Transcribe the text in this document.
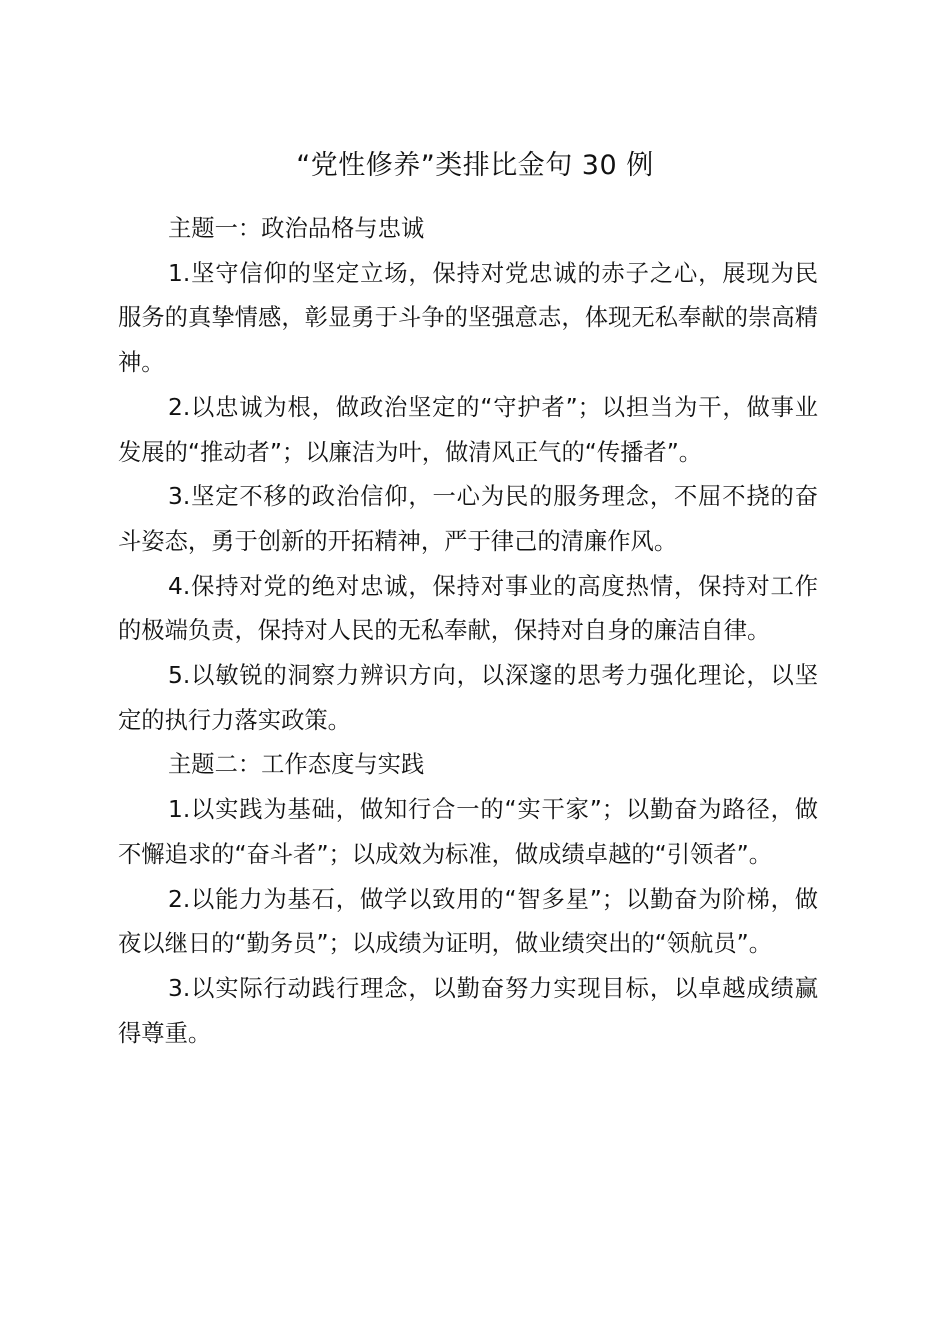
“党性修养”类排比金句 30 例

主题一：政治品格与忠诚

1.坚守信仰的坚定立场，保持对党忠诚的赤子之心，展现为民服务的真挚情感，彰显勇于斗争的坚强意志，体现无私奉献的崇高精神。

2.以忠诚为根，做政治坚定的“守护者”；以担当为干，做事业发展的“推动者”；以廉洁为叶，做清风正气的“传播者”。

3.坚定不移的政治信仰，一心为民的服务理念，不屈不挠的奋斗姿态，勇于创新的开拓精神，严于律己的清廉作风。

4.保持对党的绝对忠诚，保持对事业的高度热情，保持对工作的极端负责，保持对人民的无私奉献，保持对自身的廉洁自律。

5.以敏锐的洞察力辨识方向，以深邃的思考力强化理论，以坚定的执行力落实政策。

主题二：工作态度与实践

1.以实践为基础，做知行合一的“实干家”；以勤奋为路径，做不懈追求的“奋斗者”；以成效为标准，做成绩卓越的“引领者”。

2.以能力为基石，做学以致用的“智多星”；以勤奋为阶梯，做夜以继日的“勤务员”；以成绩为证明，做业绩突出的“领航员”。

3.以实际行动践行理念，以勤奋努力实现目标，以卓越成绩赢得尊重。
